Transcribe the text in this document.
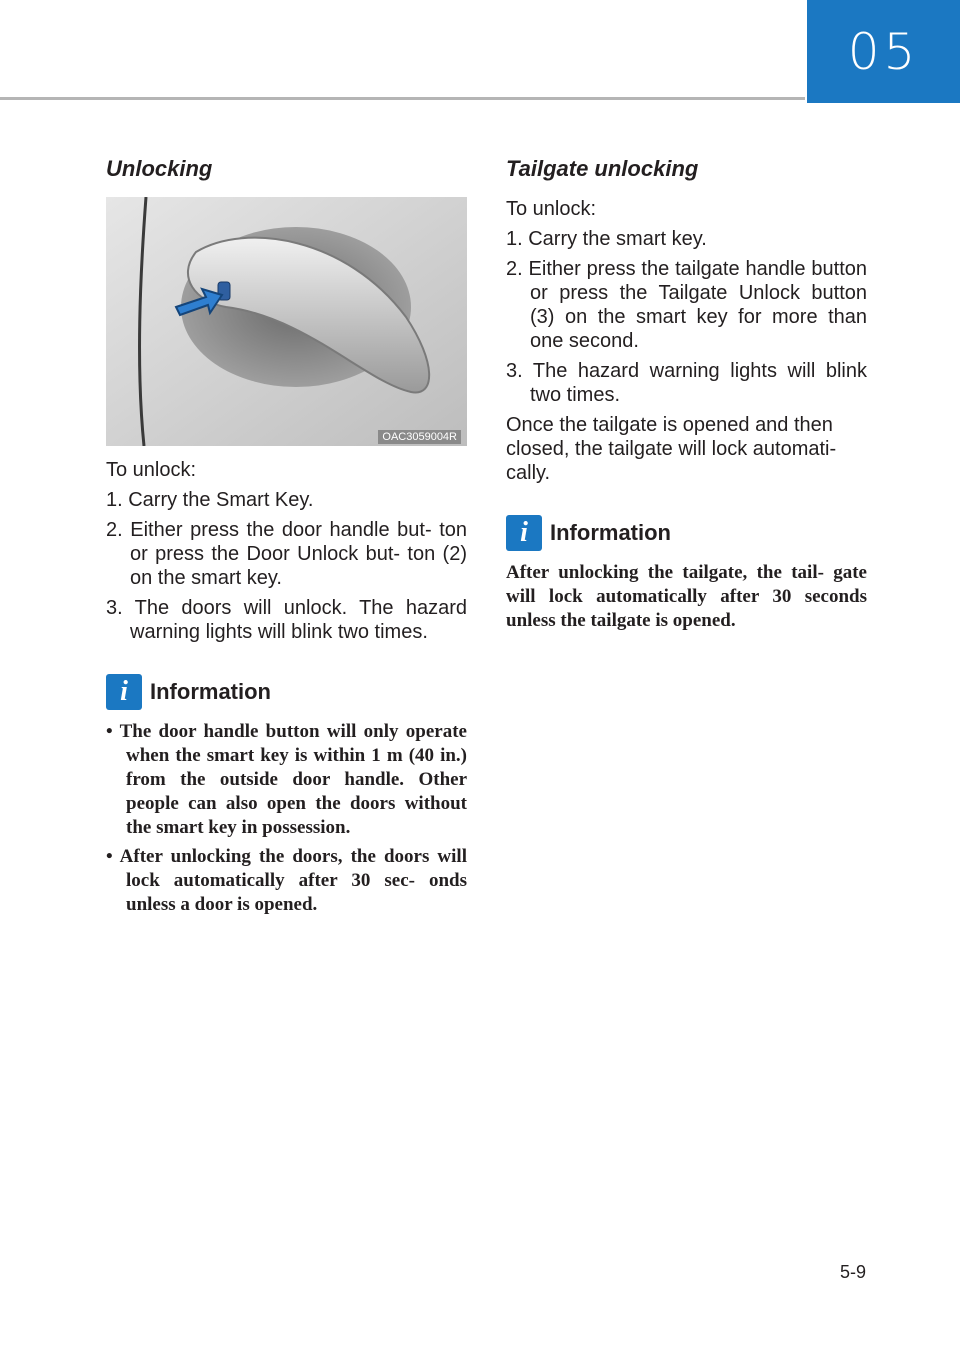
05
Unlocking
OAC3059004R

To unlock:

1. Carry the Smart Key.
2. Either press the door handle but- ton or press the Door Unlock but- ton (2) on the smart key.
3. The doors will unlock. The hazard warning lights will blink two times.
i	Information
• The door handle button will only operate when the smart key is within 1 m (40 in.) from the outside door handle. Other people can also open the doors without the smart key in possession.
• After unlocking the doors, the doors will lock automatically after 30 sec- onds unless a door is opened.
Tailgate unlocking

To unlock:

1. Carry the smart key.
2. Either press the tailgate handle button or press the Tailgate Unlock button (3) on the smart key for more than one second.
3. The hazard warning lights will blink two times.

Once the tailgate is opened and then closed, the tailgate will lock automati- cally.

i	Information

After unlocking the tailgate, the tail- gate will lock automatically after 30 seconds unless the tailgate is opened.

5-9
